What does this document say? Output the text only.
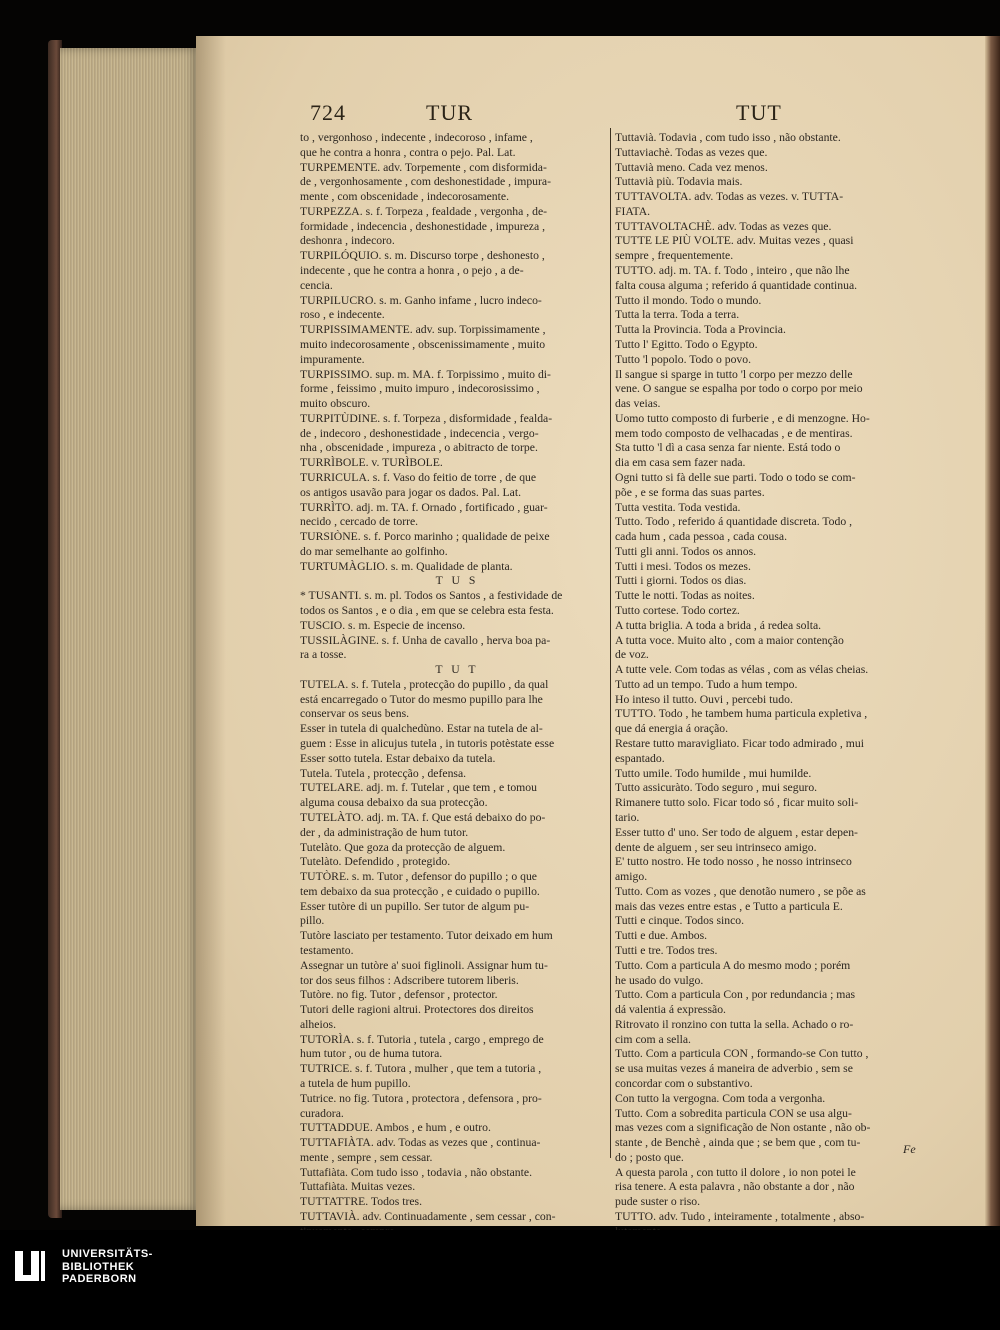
724	TUR	TUT

to , vergonhoso , indecente , indecoroso , infame ,

que he contra a honra , contra o pejo. Pal. Lat.

TURPEMENTE. adv. Torpemente , com disformida-

de , vergonhosamente , com deshonestidade , impura-

mente , com obscenidade , indecorosamente.

TURPEZZA. s. f. Torpeza , fealdade , vergonha , de-

formidade , indecencia , deshonestidade , impureza ,

deshonra , indecoro.

TURPILÓQUIO. s. m. Discurso torpe , deshonesto ,

indecente , que he contra a honra , o pejo , a de-

cencia.

TURPILUCRO. s. m. Ganho infame , lucro indeco-

roso , e indecente.

TURPISSIMAMENTE. adv. sup. Torpissimamente ,

muito indecorosamente , obscenissimamente , muito

impuramente.

TURPISSIMO. sup. m. MA. f. Torpissimo , muito di-

forme , feissimo , muito impuro , indecorosissimo ,

muito obscuro.

TURPITÙDINE. s. f. Torpeza , disformidade , fealda-

de , indecoro , deshonestidade , indecencia , vergo-

nha , obscenidade , impureza , o abitracto de torpe.

TURRÌBOLE. v. TURÌBOLE.

TURRICULA. s. f. Vaso do feitio de torre , de que

os antigos usavão para jogar os dados. Pal. Lat.

TURRÌTO. adj. m. TA. f. Ornado , fortificado , guar-

necido , cercado de torre.

TURSIÒNE. s. f. Porco marinho ; qualidade de peixe

do mar semelhante ao golfinho.

TURTUMÀGLIO. s. m. Qualidade de planta.

T U S

* TUSANTI. s. m. pl. Todos os Santos , a festividade de

todos os Santos , e o dia , em que se celebra esta festa.

TUSCIO. s. m. Especie de incenso.

TUSSILÀGINE. s. f. Unha de cavallo , herva boa pa-

ra a tosse.

T U T

TUTELA. s. f. Tutela , protecção do pupillo , da qual

está encarregado o Tutor do mesmo pupillo para lhe

conservar os seus bens.

Esser in tutela di qualchedùno. Estar na tutela de al-

guem : Esse in alicujus tutela , in tutoris potèstate esse

Esser sotto tutela. Estar debaixo da tutela.

Tutela. Tutela , protecção , defensa.

TUTELARE. adj. m. f. Tutelar , que tem , e tomou

alguma cousa debaixo da sua protecção.

TUTELÀTO. adj. m. TA. f. Que está debaixo do po-

der , da administração de hum tutor.

Tutelàto. Que goza da protecção de alguem.

Tutelàto. Defendido , protegido.

TUTÒRE. s. m. Tutor , defensor do pupillo ; o que

tem debaixo da sua protecção , e cuidado o pupillo.

Esser tutòre di un pupillo. Ser tutor de algum pu-

pillo.

Tutòre lasciato per testamento. Tutor deixado em hum

testamento.

Assegnar un tutòre a' suoi figlinoli. Assignar hum tu-

tor dos seus filhos : Adscribere tutorem liberis.

Tutòre. no fig. Tutor , defensor , protector.

Tutori delle ragioni altrui. Protectores dos direitos

alheios.

TUTORÌA. s. f. Tutoria , tutela , cargo , emprego de

hum tutor , ou de huma tutora.

TUTRICE. s. f. Tutora , mulher , que tem a tutoria ,

a tutela de hum pupillo.

Tutrice. no fig. Tutora , protectora , defensora , pro-

curadora.

TUTTADDUE. Ambos , e hum , e outro.

TUTTAFIÀTA. adv. Todas as vezes que , continua-

mente , sempre , sem cessar.

Tuttafiàta. Com tudo isso , todavia , não obstante.

Tuttafiàta. Muitas vezes.

TUTTATTRE. Todos tres.

TUTTAVIÀ. adv. Continuadamente , sem cessar , con-

Tuttavià. Todavia , com tudo isso , não obstante.

Tuttaviachè. Todas as vezes que.

Tuttavià meno. Cada vez menos.

Tuttavià più. Todavia mais.

TUTTAVOLTA. adv. Todas as vezes. v. TUTTA-

FIATA.

TUTTAVOLTACHÈ. adv. Todas as vezes que.

TUTTE LE PIÙ VOLTE. adv. Muitas vezes , quasi

sempre , frequentemente.

TUTTO. adj. m. TA. f. Todo , inteiro , que não lhe

falta cousa alguma ; referido á quantidade continua.

Tutto il mondo. Todo o mundo.

Tutta la terra. Toda a terra.

Tutta la Provincia. Toda a Provincia.

Tutto l' Egitto. Todo o Egypto.

Tutto 'l popolo. Todo o povo.

Il sangue si sparge in tutto 'l corpo per mezzo delle

vene. O sangue se espalha por todo o corpo por meio

das veias.

Uomo tutto composto di furberie , e di menzogne. Ho-

mem todo composto de velhacadas , e de mentiras.

Sta tutto 'l dì a casa senza far niente. Está todo o

dia em casa sem fazer nada.

Ogni tutto si fà delle sue parti. Todo o todo se com-

põe , e se forma das suas partes.

Tutta vestita. Toda vestida.

Tutto. Todo , referido á quantidade discreta. Todo ,

cada hum , cada pessoa , cada cousa.

Tutti gli anni. Todos os annos.

Tutti i mesi. Todos os mezes.

Tutti i giorni. Todos os dias.

Tutte le notti. Todas as noites.

Tutto cortese. Todo cortez.

A tutta briglia. A toda a brida , á redea solta.

A tutta voce. Muito alto , com a maior contenção

de voz.

A tutte vele. Com todas as vélas , com as vélas cheias.

Tutto ad un tempo. Tudo a hum tempo.

Ho inteso il tutto. Ouvi , percebi tudo.

TUTTO. Todo , he tambem huma particula expletiva ,

que dá energia á oração.

Restare tutto maravigliato. Ficar todo admirado , mui

espantado.

Tutto umile. Todo humilde , mui humilde.

Tutto assicuràto. Todo seguro , mui seguro.

Rimanere tutto solo. Ficar todo só , ficar muito soli-

tario.

Esser tutto d' uno. Ser todo de alguem , estar depen-

dente de alguem , ser seu intrinseco amigo.

E' tutto nostro. He todo nosso , he nosso intrinseco

amigo.

Tutto. Com as vozes , que denotão numero , se põe as

mais das vezes entre estas , e Tutto a particula E.

Tutti e cinque. Todos sinco.

Tutti e due. Ambos.

Tutti e tre. Todos tres.

Tutto. Com a particula A do mesmo modo ; porém

he usado do vulgo.

Tutto. Com a particula Con , por redundancia ; mas

dá valentia á expressão.

Ritrovato il ronzino con tutta la sella. Achado o ro-

cim com a sella.

Tutto. Com a particula CON , formando-se Con tutto ,

se usa muitas vezes á maneira de adverbio , sem se

concordar com o substantivo.

Con tutto la vergogna. Com toda a vergonha.

Tutto. Com a sobredita particula CON se usa algu-

mas vezes com a significação de Non ostante , não ob-

stante , de Benchè , ainda que ; se bem que , com tu-

do ; posto que.

A questa parola , con tutto il dolore , io non potei le

risa tenere. A esta palavra , não obstante a dor , não

pude suster o riso.

TUTTO. adv. Tudo , inteiramente , totalmente , abso-

Fe
UNIVERSITÄTS-
BIBLIOTHEK
PADERBORN
